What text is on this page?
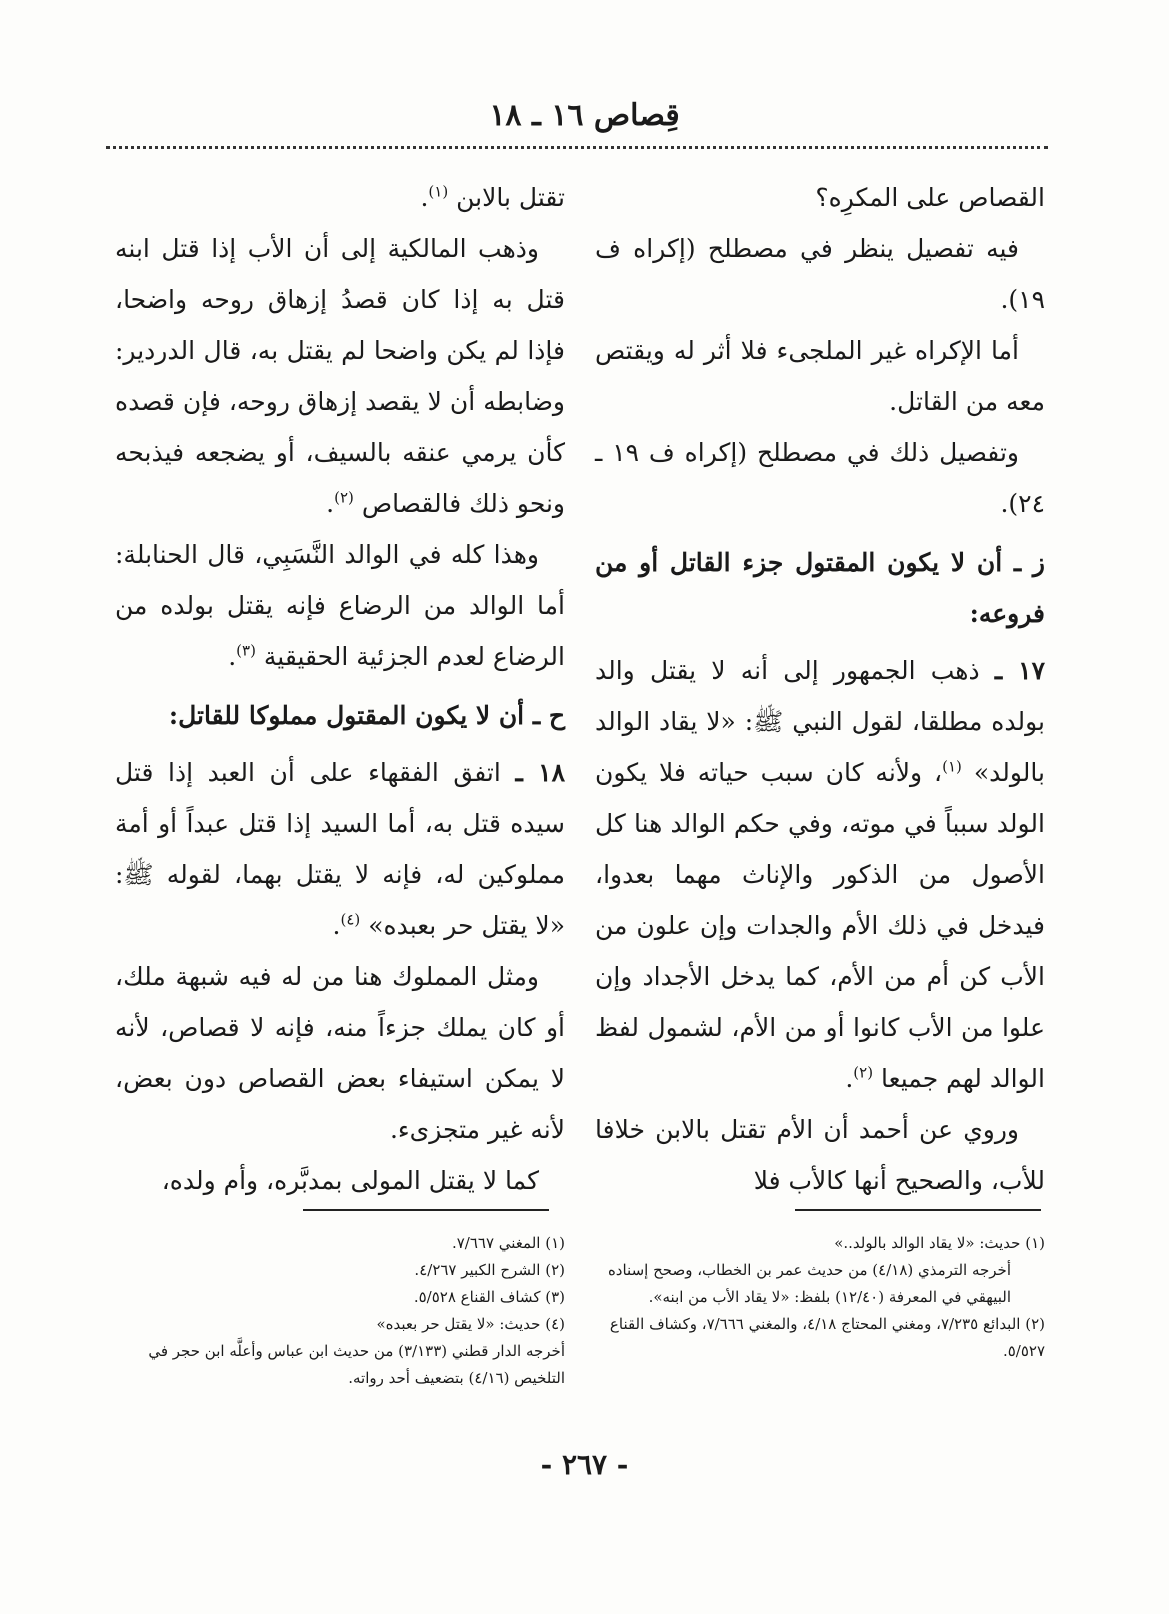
قِصاص ١٦ ـ ١٨

القصاص على المكرِه؟

فيه تفصيل ينظر في مصطلح (إكراه ف ١٩).

أما الإكراه غير الملجىء فلا أثر له ويقتص معه من القاتل.

وتفصيل ذلك في مصطلح (إكراه ف ١٩ ـ ٢٤).

ز ـ أن لا يكون المقتول جزء القاتل أو من فروعه:

١٧ ـ ذهب الجمهور إلى أنه لا يقتل والد بولده مطلقا، لقول النبي ﷺ: «لا يقاد الوالد بالولد» $^{(١)}$، ولأنه كان سبب حياته فلا يكون الولد سبباً في موته، وفي حكم الوالد هنا كل الأصول من الذكور والإناث مهما بعدوا، فيدخل في ذلك الأم والجدات وإن علون من الأب كن أم من الأم، كما يدخل الأجداد وإن علوا من الأب كانوا أو من الأم، لشمول لفظ الوالد لهم جميعا $^{(٢)}$.

وروي عن أحمد أن الأم تقتل بالابن خلافا للأب، والصحيح أنها كالأب فلا

تقتل بالابن $^{(١)}$.

وذهب المالكية إلى أن الأب إذا قتل ابنه قتل به إذا كان قصدُ إزهاق روحه واضحا، فإذا لم يكن واضحا لم يقتل به، قال الدردير: وضابطه أن لا يقصد إزهاق روحه، فإن قصده كأن يرمي عنقه بالسيف، أو يضجعه فيذبحه ونحو ذلك فالقصاص $^{(٢)}$.

وهذا كله في الوالد النَّسَبِي، قال الحنابلة: أما الوالد من الرضاع فإنه يقتل بولده من الرضاع لعدم الجزئية الحقيقية $^{(٣)}$.

ح ـ أن لا يكون المقتول مملوكا للقاتل:

١٨ ـ اتفق الفقهاء على أن العبد إذا قتل سيده قتل به، أما السيد إذا قتل عبداً أو أمة مملوكين له، فإنه لا يقتل بهما، لقوله ﷺ: «لا يقتل حر بعبده» $^{(٤)}$.

ومثل المملوك هنا من له فيه شبهة ملك، أو كان يملك جزءاً منه، فإنه لا قصاص، لأنه لا يمكن استيفاء بعض القصاص دون بعض، لأنه غير متجزىء.

كما لا يقتل المولى بمدبَّره، وأم ولده،

(١) حديث: «لا يقاد الوالد بالولد..»

أخرجه الترمذي (٤/١٨) من حديث عمر بن الخطاب، وصحح إسناده البيهقي في المعرفة (١٢/٤٠) بلفظ: «لا يقاد الأب من ابنه».

(٢) البدائع ٧/٢٣٥، ومغني المحتاج ٤/١٨، والمغني ٧/٦٦٦، وكشاف القناع ٥/٥٢٧.

(١) المغني ٧/٦٦٧.

(٢) الشرح الكبير ٤/٢٦٧.

(٣) كشاف القناع ٥/٥٢٨.

(٤) حديث: «لا يقتل حر بعبده»

أخرجه الدار قطني (٣/١٣٣) من حديث ابن عباس وأعلَّه ابن حجر في التلخيص (٤/١٦) بتضعيف أحد رواته.

- ٢٦٧ -
